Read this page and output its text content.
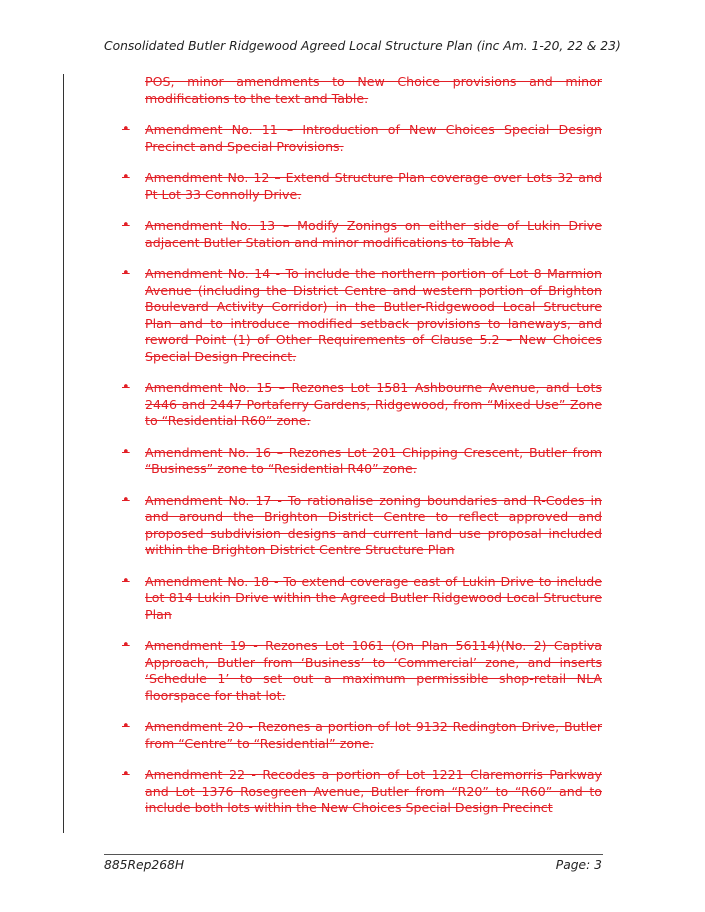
Consolidated Butler Ridgewood Agreed Local Structure Plan (inc Am. 1-20, 22 & 23)

POS, minor amendments to New Choice provisions and minor modifications to the text and Table.

• Amendment No. 11 – Introduction of New Choices Special Design Precinct and Special Provisions.

• Amendment No. 12 – Extend Structure Plan coverage over Lots 32 and Pt Lot 33 Connolly Drive.

• Amendment No. 13 – Modify Zonings on either side of Lukin Drive adjacent Butler Station and minor modifications to Table A

• Amendment No. 14 - To include the northern portion of Lot 8 Marmion Avenue (including the District Centre and western portion of Brighton Boulevard Activity Corridor) in the Butler-Ridgewood Local Structure Plan and to introduce modified setback provisions to laneways, and reword Point (1) of Other Requirements of Clause 5.2 – New Choices Special Design Precinct.

• Amendment No. 15 – Rezones Lot 1581 Ashbourne Avenue, and Lots 2446 and 2447 Portaferry Gardens, Ridgewood, from “Mixed Use” Zone to “Residential R60” zone.

• Amendment No. 16 – Rezones Lot 201 Chipping Crescent, Butler from “Business” zone to “Residential R40” zone.

• Amendment No. 17 - To rationalise zoning boundaries and R-Codes in and around the Brighton District Centre to reflect approved and proposed subdivision designs and current land use proposal included within the Brighton District Centre Structure Plan

• Amendment No. 18 - To extend coverage east of Lukin Drive to include Lot 814 Lukin Drive within the Agreed Butler Ridgewood Local Structure Plan

• Amendment 19 - Rezones Lot 1061 (On Plan 56114)(No. 2) Captiva Approach, Butler from ‘Business’ to ‘Commercial’ zone, and inserts ‘Schedule 1’ to set out a maximum permissible shop-retail NLA floorspace for that lot.

• Amendment 20 - Rezones a portion of lot 9132 Redington Drive, Butler from “Centre” to “Residential” zone.

• Amendment 22 - Recodes a portion of Lot 1221 Claremorris Parkway and Lot 1376 Rosegreen Avenue, Butler from “R20” to “R60” and to include both lots within the New Choices Special Design Precinct

885Rep268H	Page: 3
